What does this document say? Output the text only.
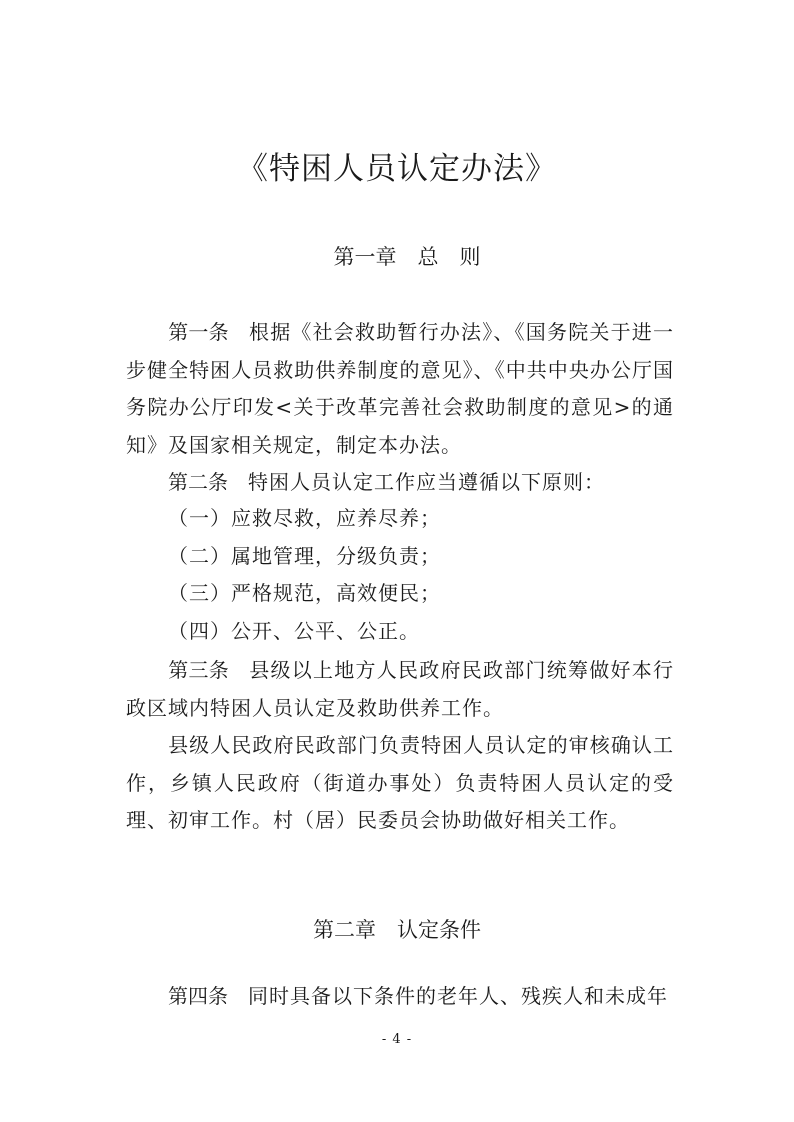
《特困人员认定办法》
第一章　总　则
第一条 根据《社会救助暂行办法》、《国务院关于进一步健全特困人员救助供养制度的意见》、《中共中央办公厅国务院办公厅印发<关于改革完善社会救助制度的意见>的通知》及国家相关规定，制定本办法。
第二条 特困人员认定工作应当遵循以下原则：
（一）应救尽救，应养尽养；
（二）属地管理，分级负责；
（三）严格规范，高效便民；
（四）公开、公平、公正。
第三条 县级以上地方人民政府民政部门统筹做好本行政区域内特困人员认定及救助供养工作。
县级人民政府民政部门负责特困人员认定的审核确认工作，乡镇人民政府（街道办事处）负责特困人员认定的受理、初审工作。村（居）民委员会协助做好相关工作。
第二章　认定条件
第四条 同时具备以下条件的老年人、残疾人和未成年
- 4 -
